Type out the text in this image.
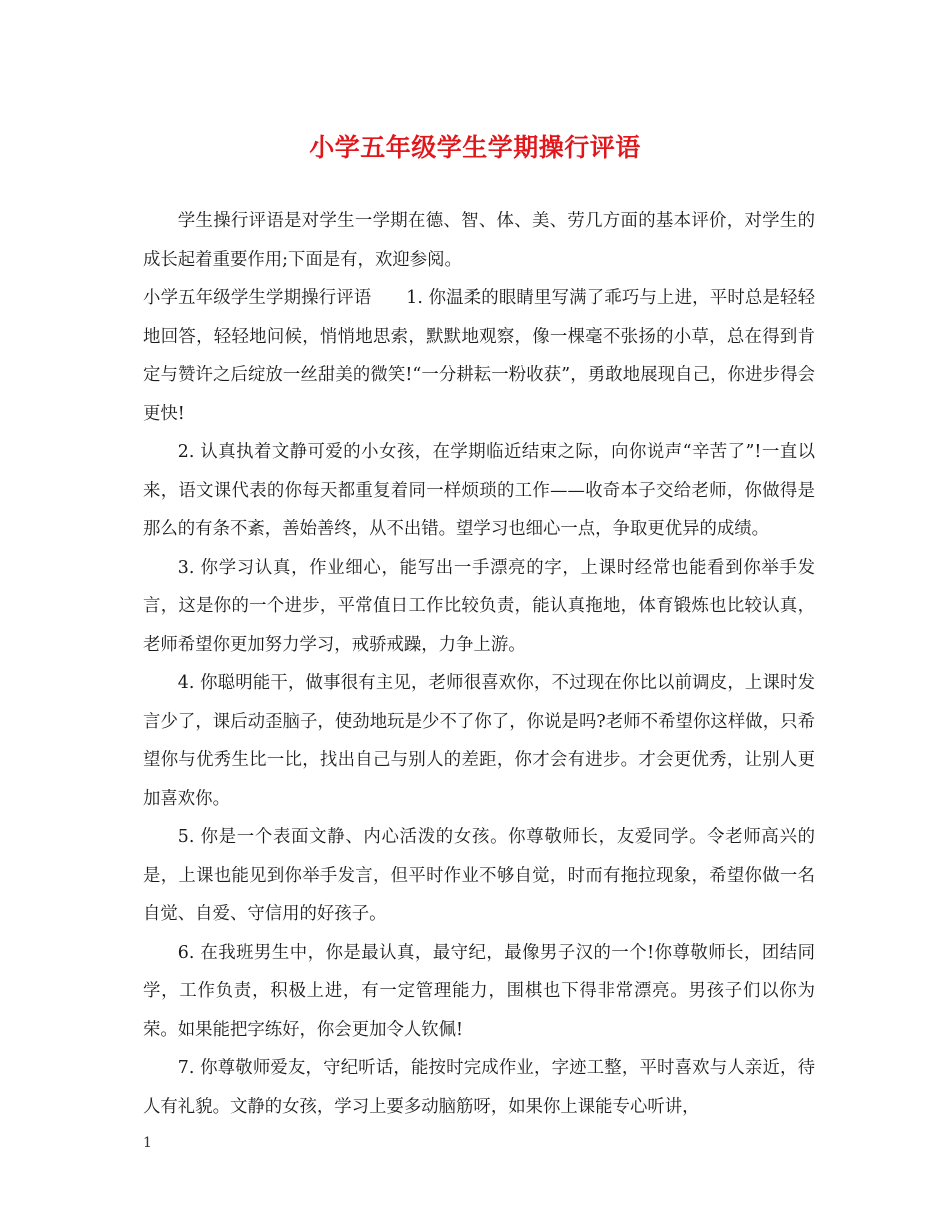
小学五年级学生学期操行评语

学生操行评语是对学生一学期在德、智、体、美、劳几方面的基本评价，对学生的成长起着重要作用;下面是有，欢迎参阅。

小学五年级学生学期操行评语 1. 你温柔的眼睛里写满了乖巧与上进，平时总是轻轻地回答，轻轻地问候，悄悄地思索，默默地观察，像一棵毫不张扬的小草，总在得到肯定与赞许之后绽放一丝甜美的微笑!“一分耕耘一粉收获”，勇敢地展现自己，你进步得会更快!

2. 认真执着文静可爱的小女孩，在学期临近结束之际，向你说声“辛苦了”!一直以来，语文课代表的你每天都重复着同一样烦琐的工作——收奇本子交给老师，你做得是那么的有条不紊，善始善终，从不出错。望学习也细心一点，争取更优异的成绩。

3. 你学习认真，作业细心，能写出一手漂亮的字，上课时经常也能看到你举手发言，这是你的一个进步，平常值日工作比较负责，能认真拖地，体育锻炼也比较认真，老师希望你更加努力学习，戒骄戒躁，力争上游。

4. 你聪明能干，做事很有主见，老师很喜欢你，不过现在你比以前调皮，上课时发言少了，课后动歪脑子，使劲地玩是少不了你了，你说是吗?老师不希望你这样做，只希望你与优秀生比一比，找出自己与别人的差距，你才会有进步。才会更优秀，让别人更加喜欢你。

5. 你是一个表面文静、内心活泼的女孩。你尊敬师长，友爱同学。令老师高兴的是，上课也能见到你举手发言，但平时作业不够自觉，时而有拖拉现象，希望你做一名自觉、自爱、守信用的好孩子。

6. 在我班男生中，你是最认真，最守纪，最像男子汉的一个!你尊敬师长，团结同学，工作负责，积极上进，有一定管理能力，围棋也下得非常漂亮。男孩子们以你为荣。如果能把字练好，你会更加令人钦佩!

7. 你尊敬师爱友，守纪听话，能按时完成作业，字迹工整，平时喜欢与人亲近，待人有礼貌。文静的女孩，学习上要多动脑筋呀，如果你上课能专心听讲，

1
